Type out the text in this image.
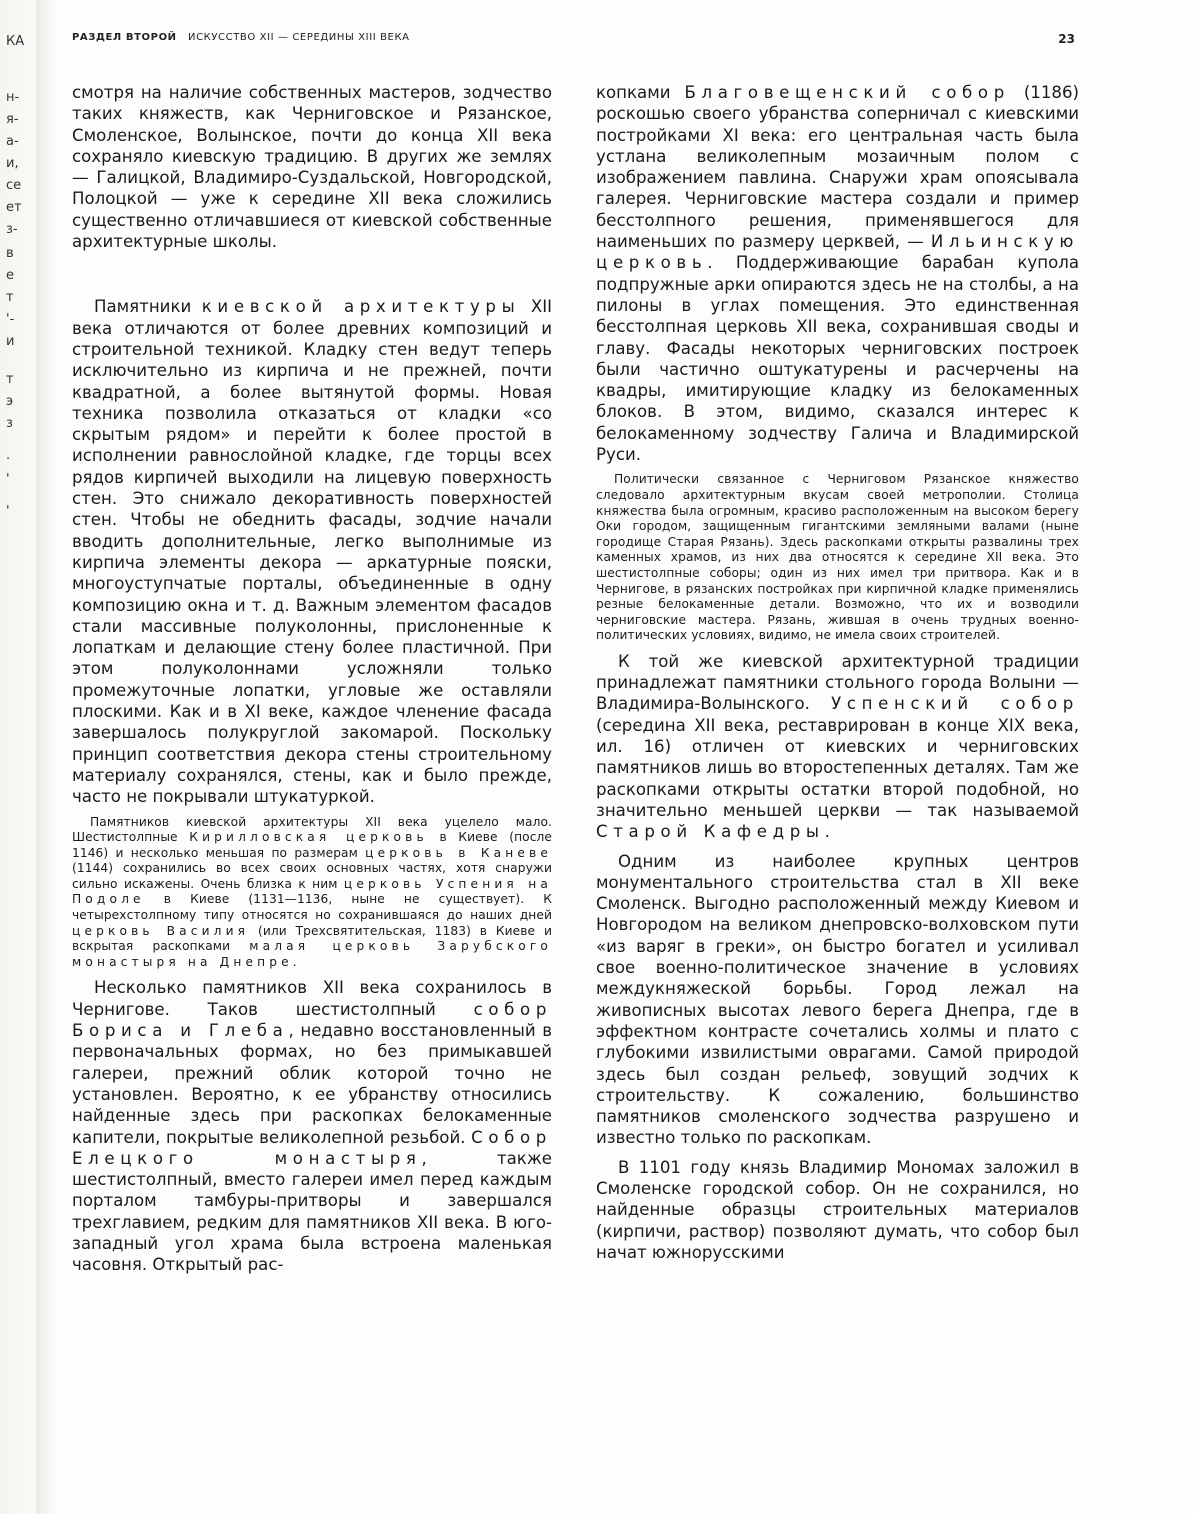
КА
н-
я-
а-
и,
се
ет
з-
в
е
т
'-
и
т
э
з
.
'
'
РАЗДЕЛ ВТОРОЙ ИСКУССТВО XII — СЕРЕДИНЫ XIII ВЕКА	23

смотря на наличие собственных мастеров, зодчество таких княжеств, как Черниговское и Рязанское, Смоленское, Волынское, почти до конца XII века сохраняло киевскую традицию. В других же землях — Галицкой, Владимиро-Суздальской, Новгородской, Полоцкой — уже к середине XII века сложились существенно отличавшиеся от киевской собственные архитектурные школы.

Памятники киевской архитектуры XII века отличаются от более древних композиций и строительной техникой. Кладку стен ведут теперь исключительно из кирпича и не прежней, почти квадратной, а более вытянутой формы. Новая техника позволила отказаться от кладки «со скрытым рядом» и перейти к более простой в исполнении равнослойной кладке, где торцы всех рядов кирпичей выходили на лицевую поверхность стен. Это снижало декоративность поверхностей стен. Чтобы не обеднить фасады, зодчие начали вводить дополнительные, легко выполнимые из кирпича элементы декора — аркатурные пояски, многоуступчатые порталы, объединенные в одну композицию окна и т. д. Важным элементом фасадов стали массивные полуколонны, прислоненные к лопаткам и делающие стену более пластичной. При этом полуколоннами усложняли только промежуточные лопатки, угловые же оставляли плоскими. Как и в XI веке, каждое членение фасада завершалось полукруглой закомарой. Поскольку принцип соответствия декора стены строительному материалу сохранялся, стены, как и было прежде, часто не покрывали штукатуркой.

Памятников киевской архитектуры XII века уцелело мало. Шестистолпные Кирилловская церковь в Киеве (после 1146) и несколько меньшая по размерам церковь в Каневе (1144) сохранились во всех своих основных частях, хотя снаружи сильно искажены. Очень близка к ним церковь Успения на Подоле в Киеве (1131—1136, ныне не существует). К четырехстолпному типу относятся но сохранившаяся до наших дней церковь Василия (или Трехсвятительская, 1183) в Киеве и вскрытая раскопками малая церковь Зарубского монастыря на Днепре.

Несколько памятников XII века сохранилось в Чернигове. Таков шестистолпный собор Бориса и Глеба, недавно восстановленный в первоначальных формах, но без примыкавшей галереи, прежний облик которой точно не установлен. Вероятно, к ее убранству относились найденные здесь при раскопках белокаменные капители, покрытые великолепной резьбой. Собор Елецкого монастыря, также шестистолпный, вместо галереи имел перед каждым порталом тамбуры-притворы и завершался трехглавием, редким для памятников XII века. В юго-западный угол храма была встроена маленькая часовня. Открытый рас-

копками Благовещенский собор (1186) роскошью своего убранства соперничал с киевскими постройками XI века: его центральная часть была устлана великолепным мозаичным полом с изображением павлина. Снаружи храм опоясывала галерея. Черниговские мастера создали и пример бесстолпного решения, применявшегося для наименьших по размеру церквей, — Ильинскую церковь. Поддерживающие барабан купола подпружные арки опираются здесь не на столбы, а на пилоны в углах помещения. Это единственная бесстолпная церковь XII века, сохранившая своды и главу. Фасады некоторых черниговских построек были частично оштукатурены и расчерчены на квадры, имитирующие кладку из белокаменных блоков. В этом, видимо, сказался интерес к белокаменному зодчеству Галича и Владимирской Руси.

Политически связанное с Черниговом Рязанское княжество следовало архитектурным вкусам своей метрополии. Столица княжества была огромным, красиво расположенным на высоком берегу Оки городом, защищенным гигантскими земляными валами (ныне городище Старая Рязань). Здесь раскопками открыты развалины трех каменных храмов, из них два относятся к середине XII века. Это шестистолпные соборы; один из них имел три притвора. Как и в Чернигове, в рязанских постройках при кирпичной кладке применялись резные белокаменные детали. Возможно, что их и возводили черниговские мастера. Рязань, жившая в очень трудных военно-политических условиях, видимо, не имела своих строителей.

К той же киевской архитектурной традиции принадлежат памятники стольного города Волыни — Владимира-Волынского. Успенский собор (середина XII века, реставрирован в конце XIX века, ил. 16) отличен от киевских и черниговских памятников лишь во второстепенных деталях. Там же раскопками открыты остатки второй подобной, но значительно меньшей церкви — так называемой Старой Кафедры.

Одним из наиболее крупных центров монументального строительства стал в XII веке Смоленск. Выгодно расположенный между Киевом и Новгородом на великом днепровско-волховском пути «из варяг в греки», он быстро богател и усиливал свое военно-политическое значение в условиях междукняжеской борьбы. Город лежал на живописных высотах левого берега Днепра, где в эффектном контрасте сочетались холмы и плато с глубокими извилистыми оврагами. Самой природой здесь был создан рельеф, зовущий зодчих к строительству. К сожалению, большинство памятников смоленского зодчества разрушено и известно только по раскопкам.

В 1101 году князь Владимир Мономах заложил в Смоленске городской собор. Он не сохранился, но найденные образцы строительных материалов (кирпичи, раствор) позволяют думать, что собор был начат южнорусскими
